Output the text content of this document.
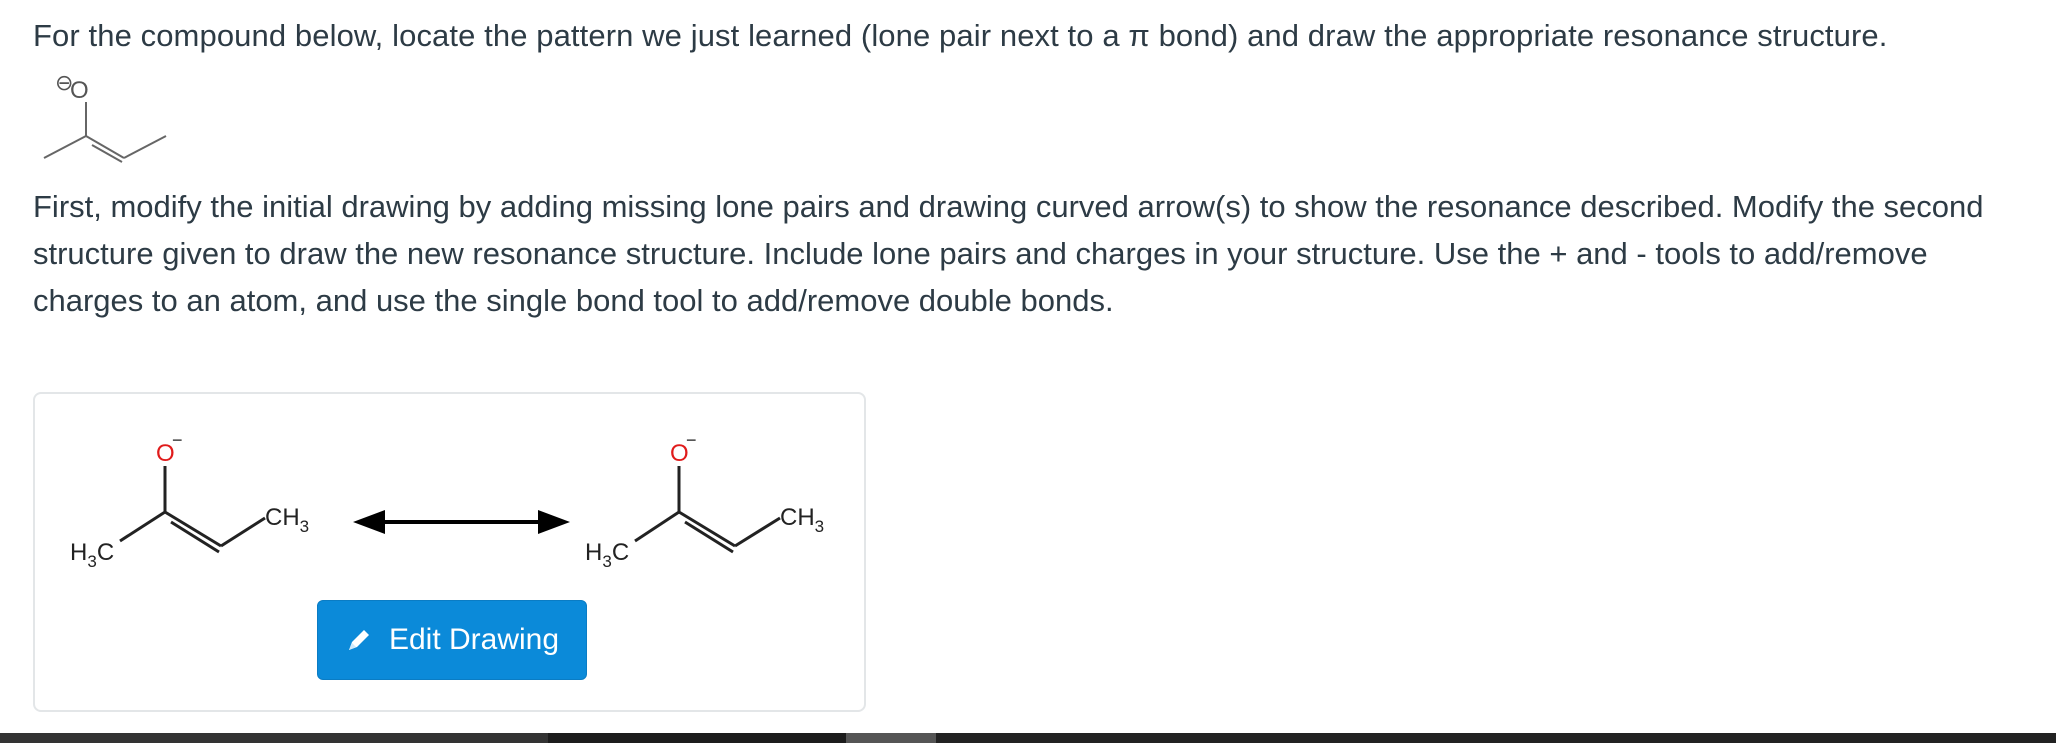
For the compound below, locate the pattern we just learned (lone pair next to a π bond) and draw the appropriate resonance structure.
⊖
O

First, modify the initial drawing by adding missing lone pairs and drawing curved arrow(s) to show the resonance described. Modify the second structure given to draw the new resonance structure. Include lone pairs and charges in your structure. Use the + and - tools to add/remove charges to an atom, and use the single bond tool to add/remove double bonds.

O
−
$H_3C$
$CH_3$
O
−
$H_3C$
$CH_3$
Edit Drawing
